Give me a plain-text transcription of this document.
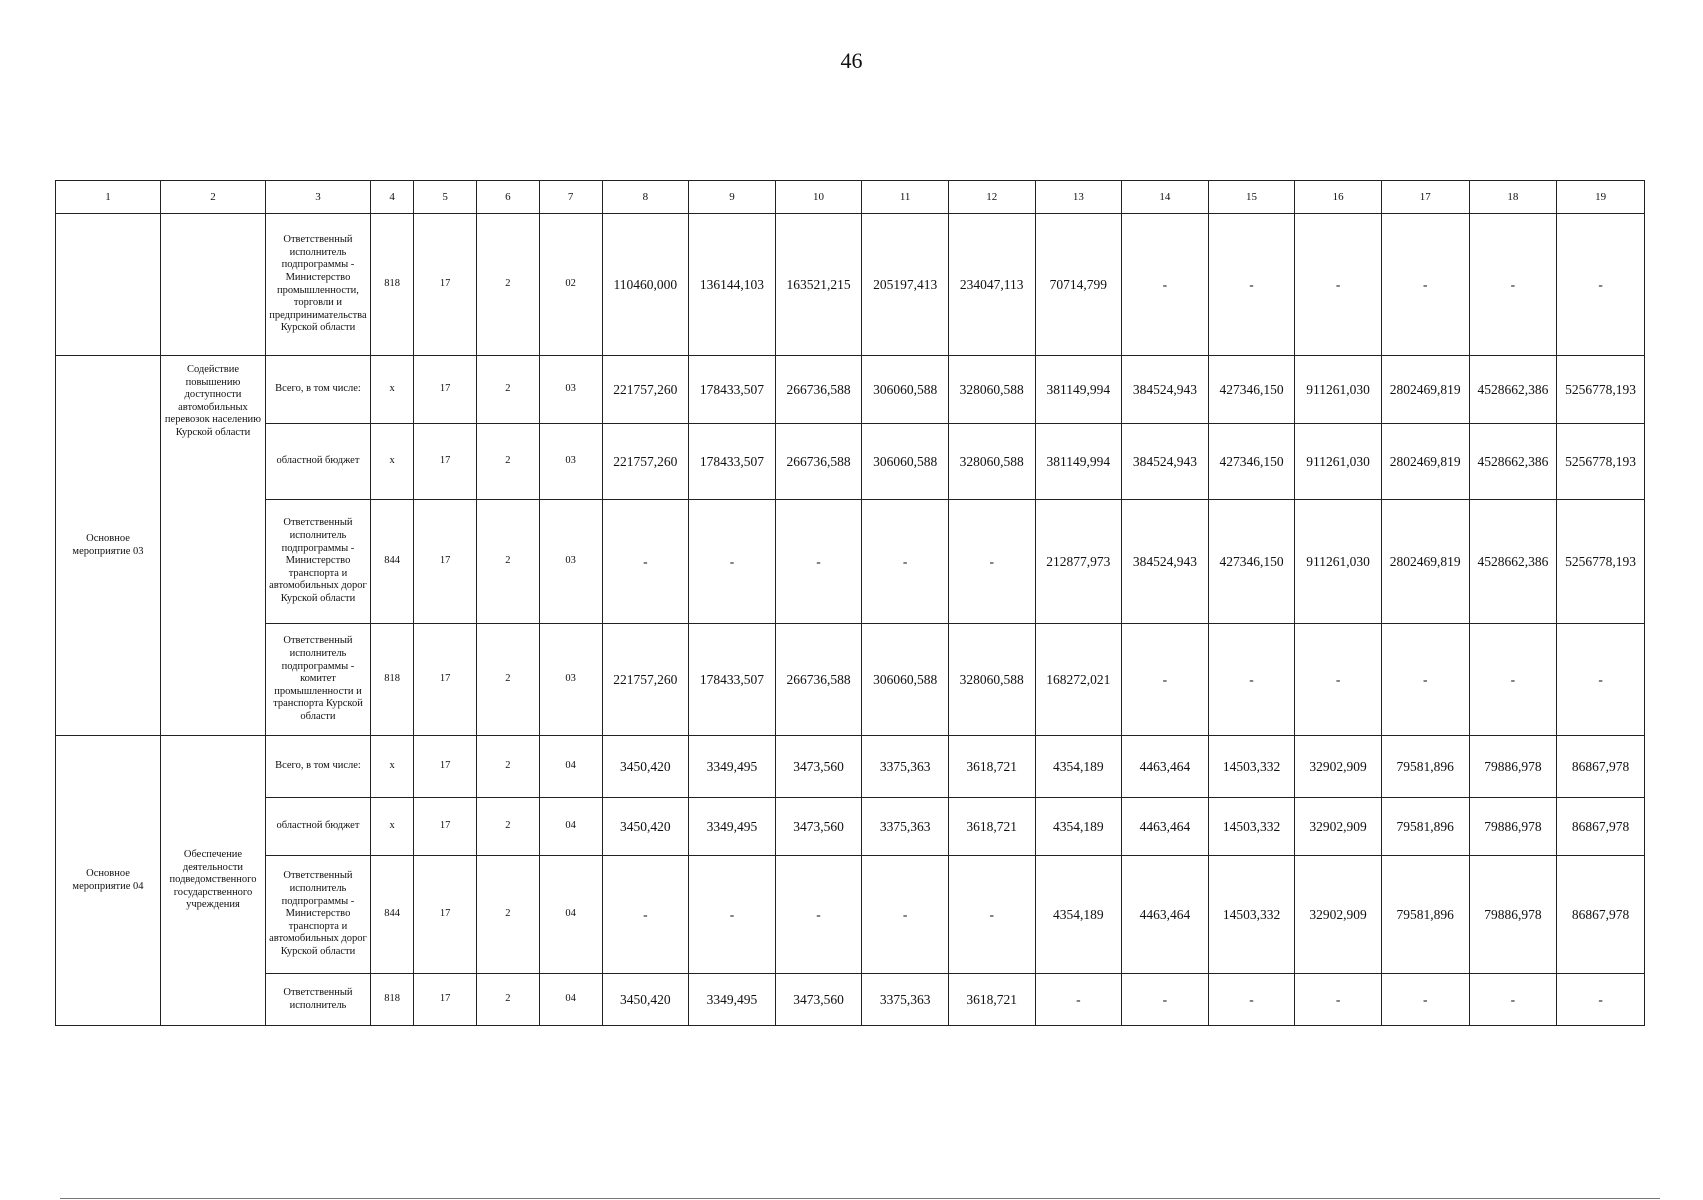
46
1	2	3	4	5	6	7	8	9	10	11	12	13	14	15	16	17	18	19
		Ответственный исполнитель подпрограммы - Министерство промышленности, торговли и предпринимательства Курской области	818	17	2	02	110460,000	136144,103	163521,215	205197,413	234047,113	70714,799	-	-	-	-	-	-
Основное мероприятие 03	Содействие повышению доступности автомобильных перевозок населению Курской области	Всего, в том числе:	х	17	2	03	221757,260	178433,507	266736,588	306060,588	328060,588	381149,994	384524,943	427346,150	911261,030	2802469,819	4528662,386	5256778,193
		областной бюджет	х	17	2	03	221757,260	178433,507	266736,588	306060,588	328060,588	381149,994	384524,943	427346,150	911261,030	2802469,819	4528662,386	5256778,193
		Ответственный исполнитель подпрограммы - Министерство транспорта и автомобильных дорог Курской области	844	17	2	03	-	-	-	-	-	212877,973	384524,943	427346,150	911261,030	2802469,819	4528662,386	5256778,193
		Ответственный исполнитель подпрограммы - комитет промышленности и транспорта Курской области	818	17	2	03	221757,260	178433,507	266736,588	306060,588	328060,588	168272,021	-	-	-	-	-	-
Основное мероприятие 04	Обеспечение деятельности подведомственного государственного учреждения	Всего, в том числе:	х	17	2	04	3450,420	3349,495	3473,560	3375,363	3618,721	4354,189	4463,464	14503,332	32902,909	79581,896	79886,978	86867,978
		областной бюджет	х	17	2	04	3450,420	3349,495	3473,560	3375,363	3618,721	4354,189	4463,464	14503,332	32902,909	79581,896	79886,978	86867,978
		Ответственный исполнитель подпрограммы - Министерство транспорта и автомобильных дорог Курской области	844	17	2	04	-	-	-	-	-	4354,189	4463,464	14503,332	32902,909	79581,896	79886,978	86867,978
		Ответственный исполнитель	818	17	2	04	3450,420	3349,495	3473,560	3375,363	3618,721	-	-	-	-	-	-	-
